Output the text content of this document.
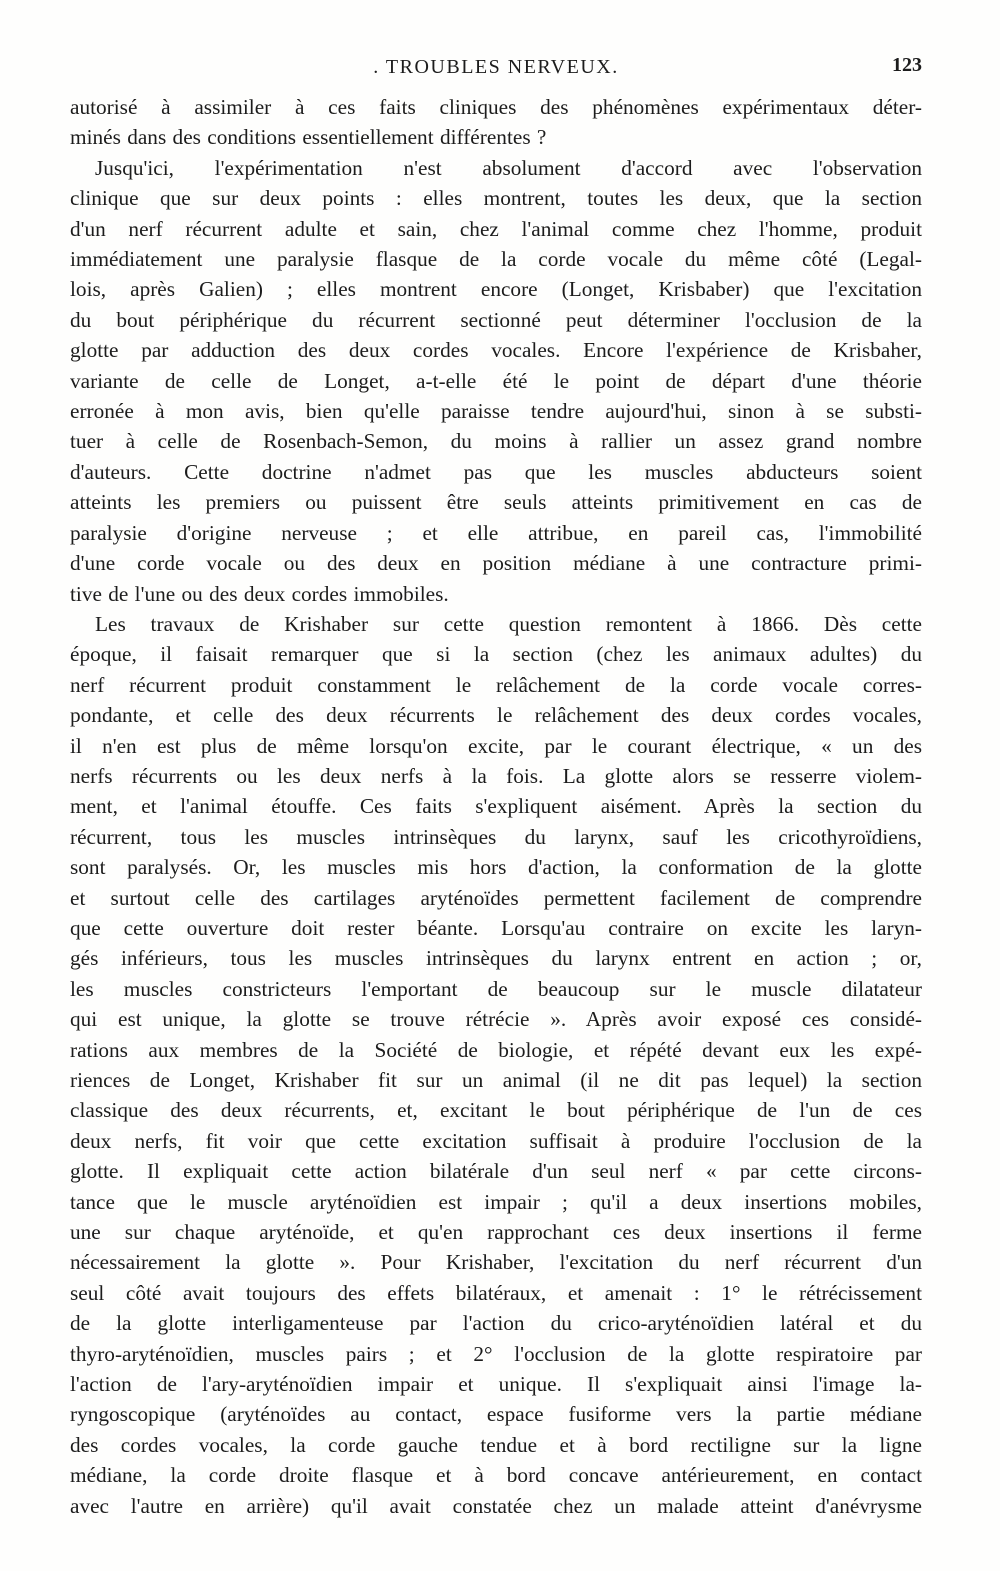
. TROUBLES NERVEUX.	123
autorisé à assimiler à ces faits cliniques des phénomènes expérimentaux déter-
minés dans des conditions essentiellement différentes ?
Jusqu'ici, l'expérimentation n'est absolument d'accord avec l'observation
clinique que sur deux points : elles montrent, toutes les deux, que la section
d'un nerf récurrent adulte et sain, chez l'animal comme chez l'homme, produit
immédiatement une paralysie flasque de la corde vocale du même côté (Legal-
lois, après Galien) ; elles montrent encore (Longet, Krisbaber) que l'excitation
du bout périphérique du récurrent sectionné peut déterminer l'occlusion de la
glotte par adduction des deux cordes vocales. Encore l'expérience de Krisbaher,
variante de celle de Longet, a-t-elle été le point de départ d'une théorie
erronée à mon avis, bien qu'elle paraisse tendre aujourd'hui, sinon à se substi-
tuer à celle de Rosenbach-Semon, du moins à rallier un assez grand nombre
d'auteurs. Cette doctrine n'admet pas que les muscles abducteurs soient
atteints les premiers ou puissent être seuls atteints primitivement en cas de
paralysie d'origine nerveuse ; et elle attribue, en pareil cas, l'immobilité
d'une corde vocale ou des deux en position médiane à une contracture primi-
tive de l'une ou des deux cordes immobiles.
Les travaux de Krishaber sur cette question remontent à 1866. Dès cette
époque, il faisait remarquer que si la section (chez les animaux adultes) du
nerf récurrent produit constamment le relâchement de la corde vocale corres-
pondante, et celle des deux récurrents le relâchement des deux cordes vocales,
il n'en est plus de même lorsqu'on excite, par le courant électrique, « un des
nerfs récurrents ou les deux nerfs à la fois. La glotte alors se resserre violem-
ment, et l'animal étouffe. Ces faits s'expliquent aisément. Après la section du
récurrent, tous les muscles intrinsèques du larynx, sauf les cricothyroïdiens,
sont paralysés. Or, les muscles mis hors d'action, la conformation de la glotte
et surtout celle des cartilages aryténoïdes permettent facilement de comprendre
que cette ouverture doit rester béante. Lorsqu'au contraire on excite les laryn-
gés inférieurs, tous les muscles intrinsèques du larynx entrent en action ; or,
les muscles constricteurs l'emportant de beaucoup sur le muscle dilatateur
qui est unique, la glotte se trouve rétrécie ». Après avoir exposé ces considé-
rations aux membres de la Société de biologie, et répété devant eux les expé-
riences de Longet, Krishaber fit sur un animal (il ne dit pas lequel) la section
classique des deux récurrents, et, excitant le bout périphérique de l'un de ces
deux nerfs, fit voir que cette excitation suffisait à produire l'occlusion de la
glotte. Il expliquait cette action bilatérale d'un seul nerf « par cette circons-
tance que le muscle aryténoïdien est impair ; qu'il a deux insertions mobiles,
une sur chaque aryténoïde, et qu'en rapprochant ces deux insertions il ferme
nécessairement la glotte ». Pour Krishaber, l'excitation du nerf récurrent d'un
seul côté avait toujours des effets bilatéraux, et amenait : 1° le rétrécissement
de la glotte interligamenteuse par l'action du crico-aryténoïdien latéral et du
thyro-aryténoïdien, muscles pairs ; et 2° l'occlusion de la glotte respiratoire par
l'action de l'ary-aryténoïdien impair et unique. Il s'expliquait ainsi l'image la-
ryngoscopique (aryténoïdes au contact, espace fusiforme vers la partie médiane
des cordes vocales, la corde gauche tendue et à bord rectiligne sur la ligne
médiane, la corde droite flasque et à bord concave antérieurement, en contact
avec l'autre en arrière) qu'il avait constatée chez un malade atteint d'anévrysme
